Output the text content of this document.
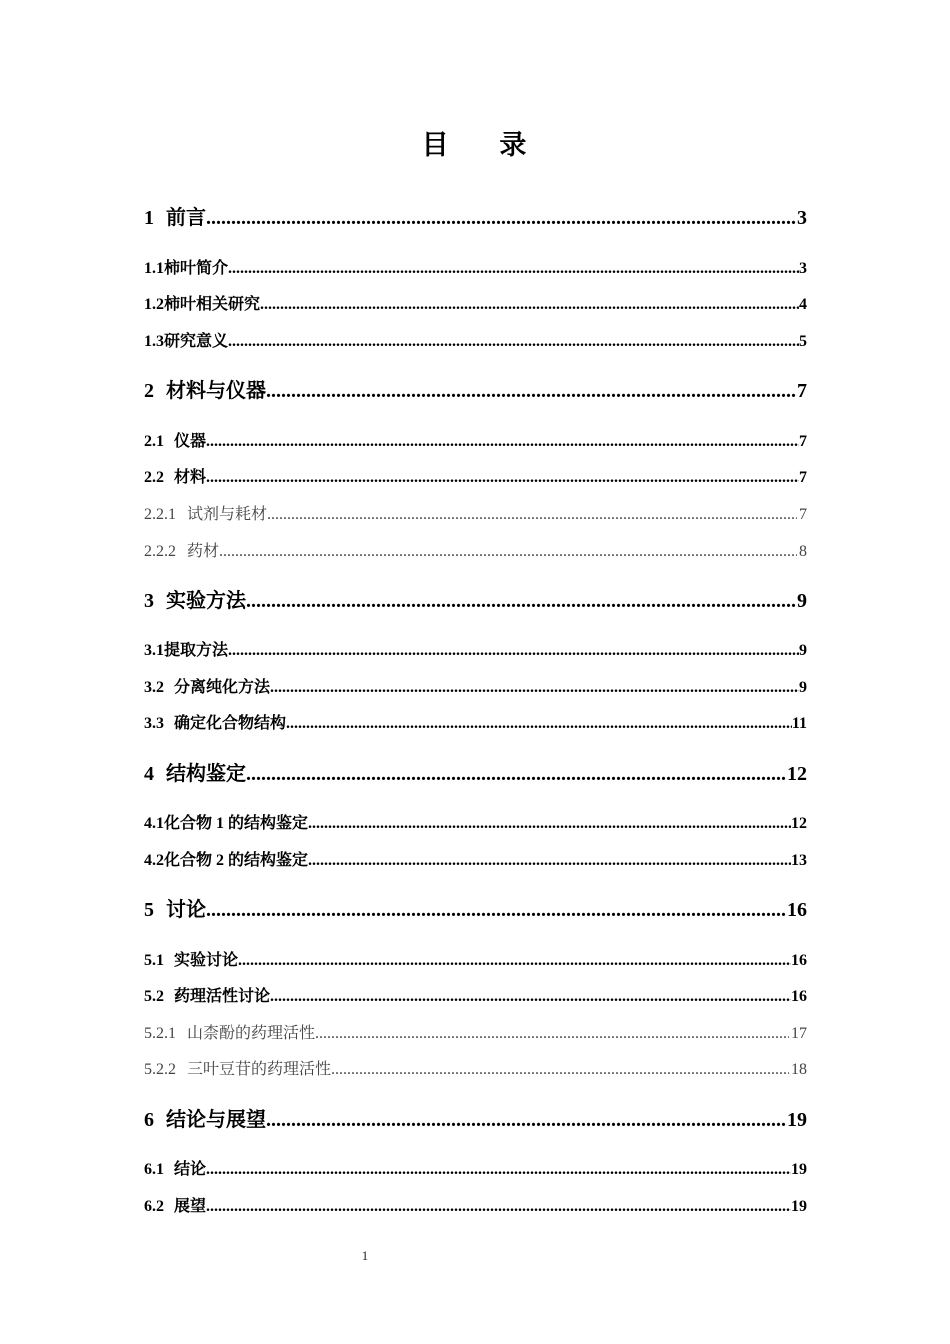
目 录
1 前言 .....	3
1.1 柿叶简介 .....	3
1.2 柿叶相关研究 .....	4
1.3 研究意义 .....	5
2 材料与仪器 .....	7
2.1 仪器 .....	7
2.2 材料 .....	7
2.2.1 试剂与耗材 .....	7
2.2.2 药材 .....	8
3 实验方法 .....	9
3.1 提取方法 .....	9
3.2 分离纯化方法 .....	9
3.3 确定化合物结构 .....	11
4 结构鉴定 .....	12
4.1 化合物 1 的结构鉴定 .....	12
4.2 化合物 2 的结构鉴定 .....	13
5 讨论 .....	16
5.1 实验讨论 .....	16
5.2 药理活性讨论 .....	16
5.2.1 山柰酚的药理活性 .....	17
5.2.2 三叶豆苷的药理活性 .....	18
6 结论与展望 .....	19
6.1 结论 .....	19
6.2 展望 .....	19
1
